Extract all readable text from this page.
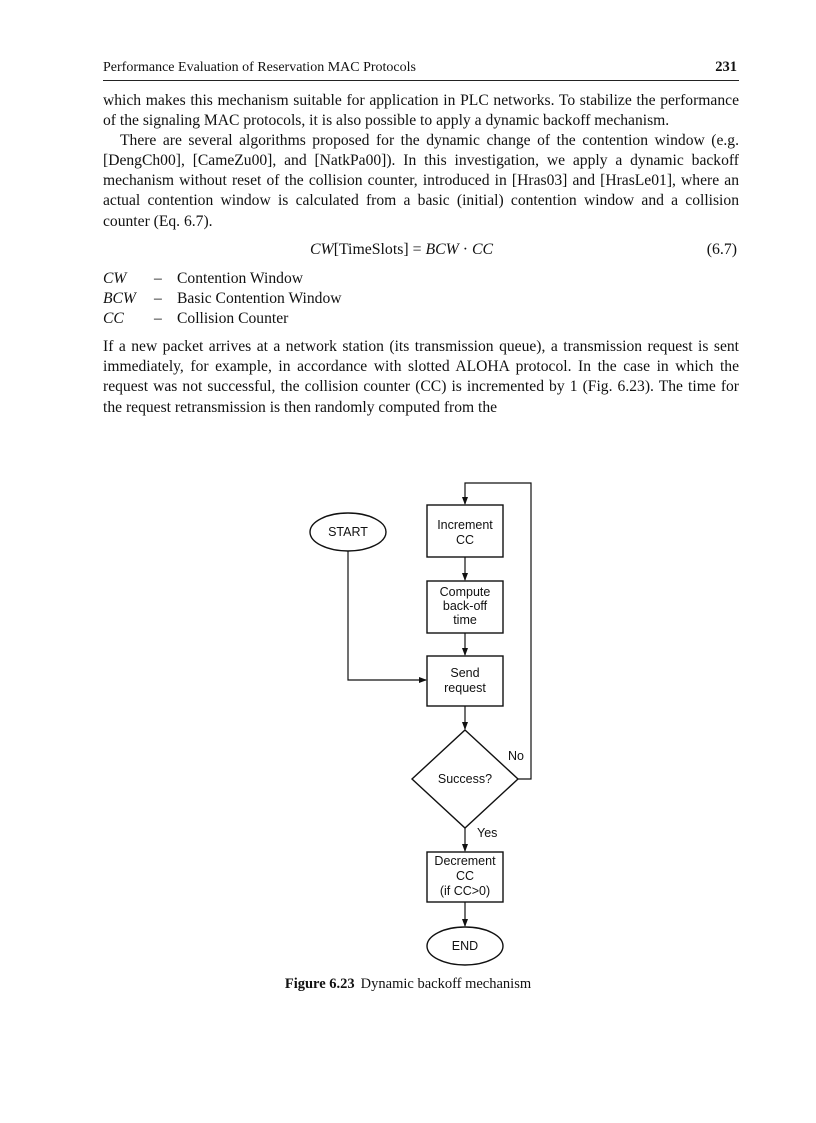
Performance Evaluation of Reservation MAC Protocols	231

which makes this mechanism suitable for application in PLC networks. To stabilize the performance of the signaling MAC protocols, it is also possible to apply a dynamic backoff mechanism.

There are several algorithms proposed for the dynamic change of the contention window (e.g. [DengCh00], [CameZu00], and [NatkPa00]). In this investigation, we apply a dynamic backoff mechanism without reset of the collision counter, introduced in [Hras03] and [HrasLe01], where an actual contention window is calculated from a basic (initial) contention window and a collision counter (Eq. 6.7).

CW[TimeSlots] = BCW · CC	(6.7)
CW – Contention Window
BCW – Basic Contention Window
CC – Collision Counter

If a new packet arrives at a network station (its transmission queue), a transmission request is sent immediately, for example, in accordance with slotted ALOHA protocol. In the case in which the request was not successful, the collision counter (CC) is incremented by 1 (Fig. 6.23). The time for the request retransmission is then randomly computed from the

START	Increment
CC
Compute
back-off
time
Send
request
Success?
Decrement
CC
(if CC>0)
END
No
Yes
Figure 6.23 Dynamic backoff mechanism
